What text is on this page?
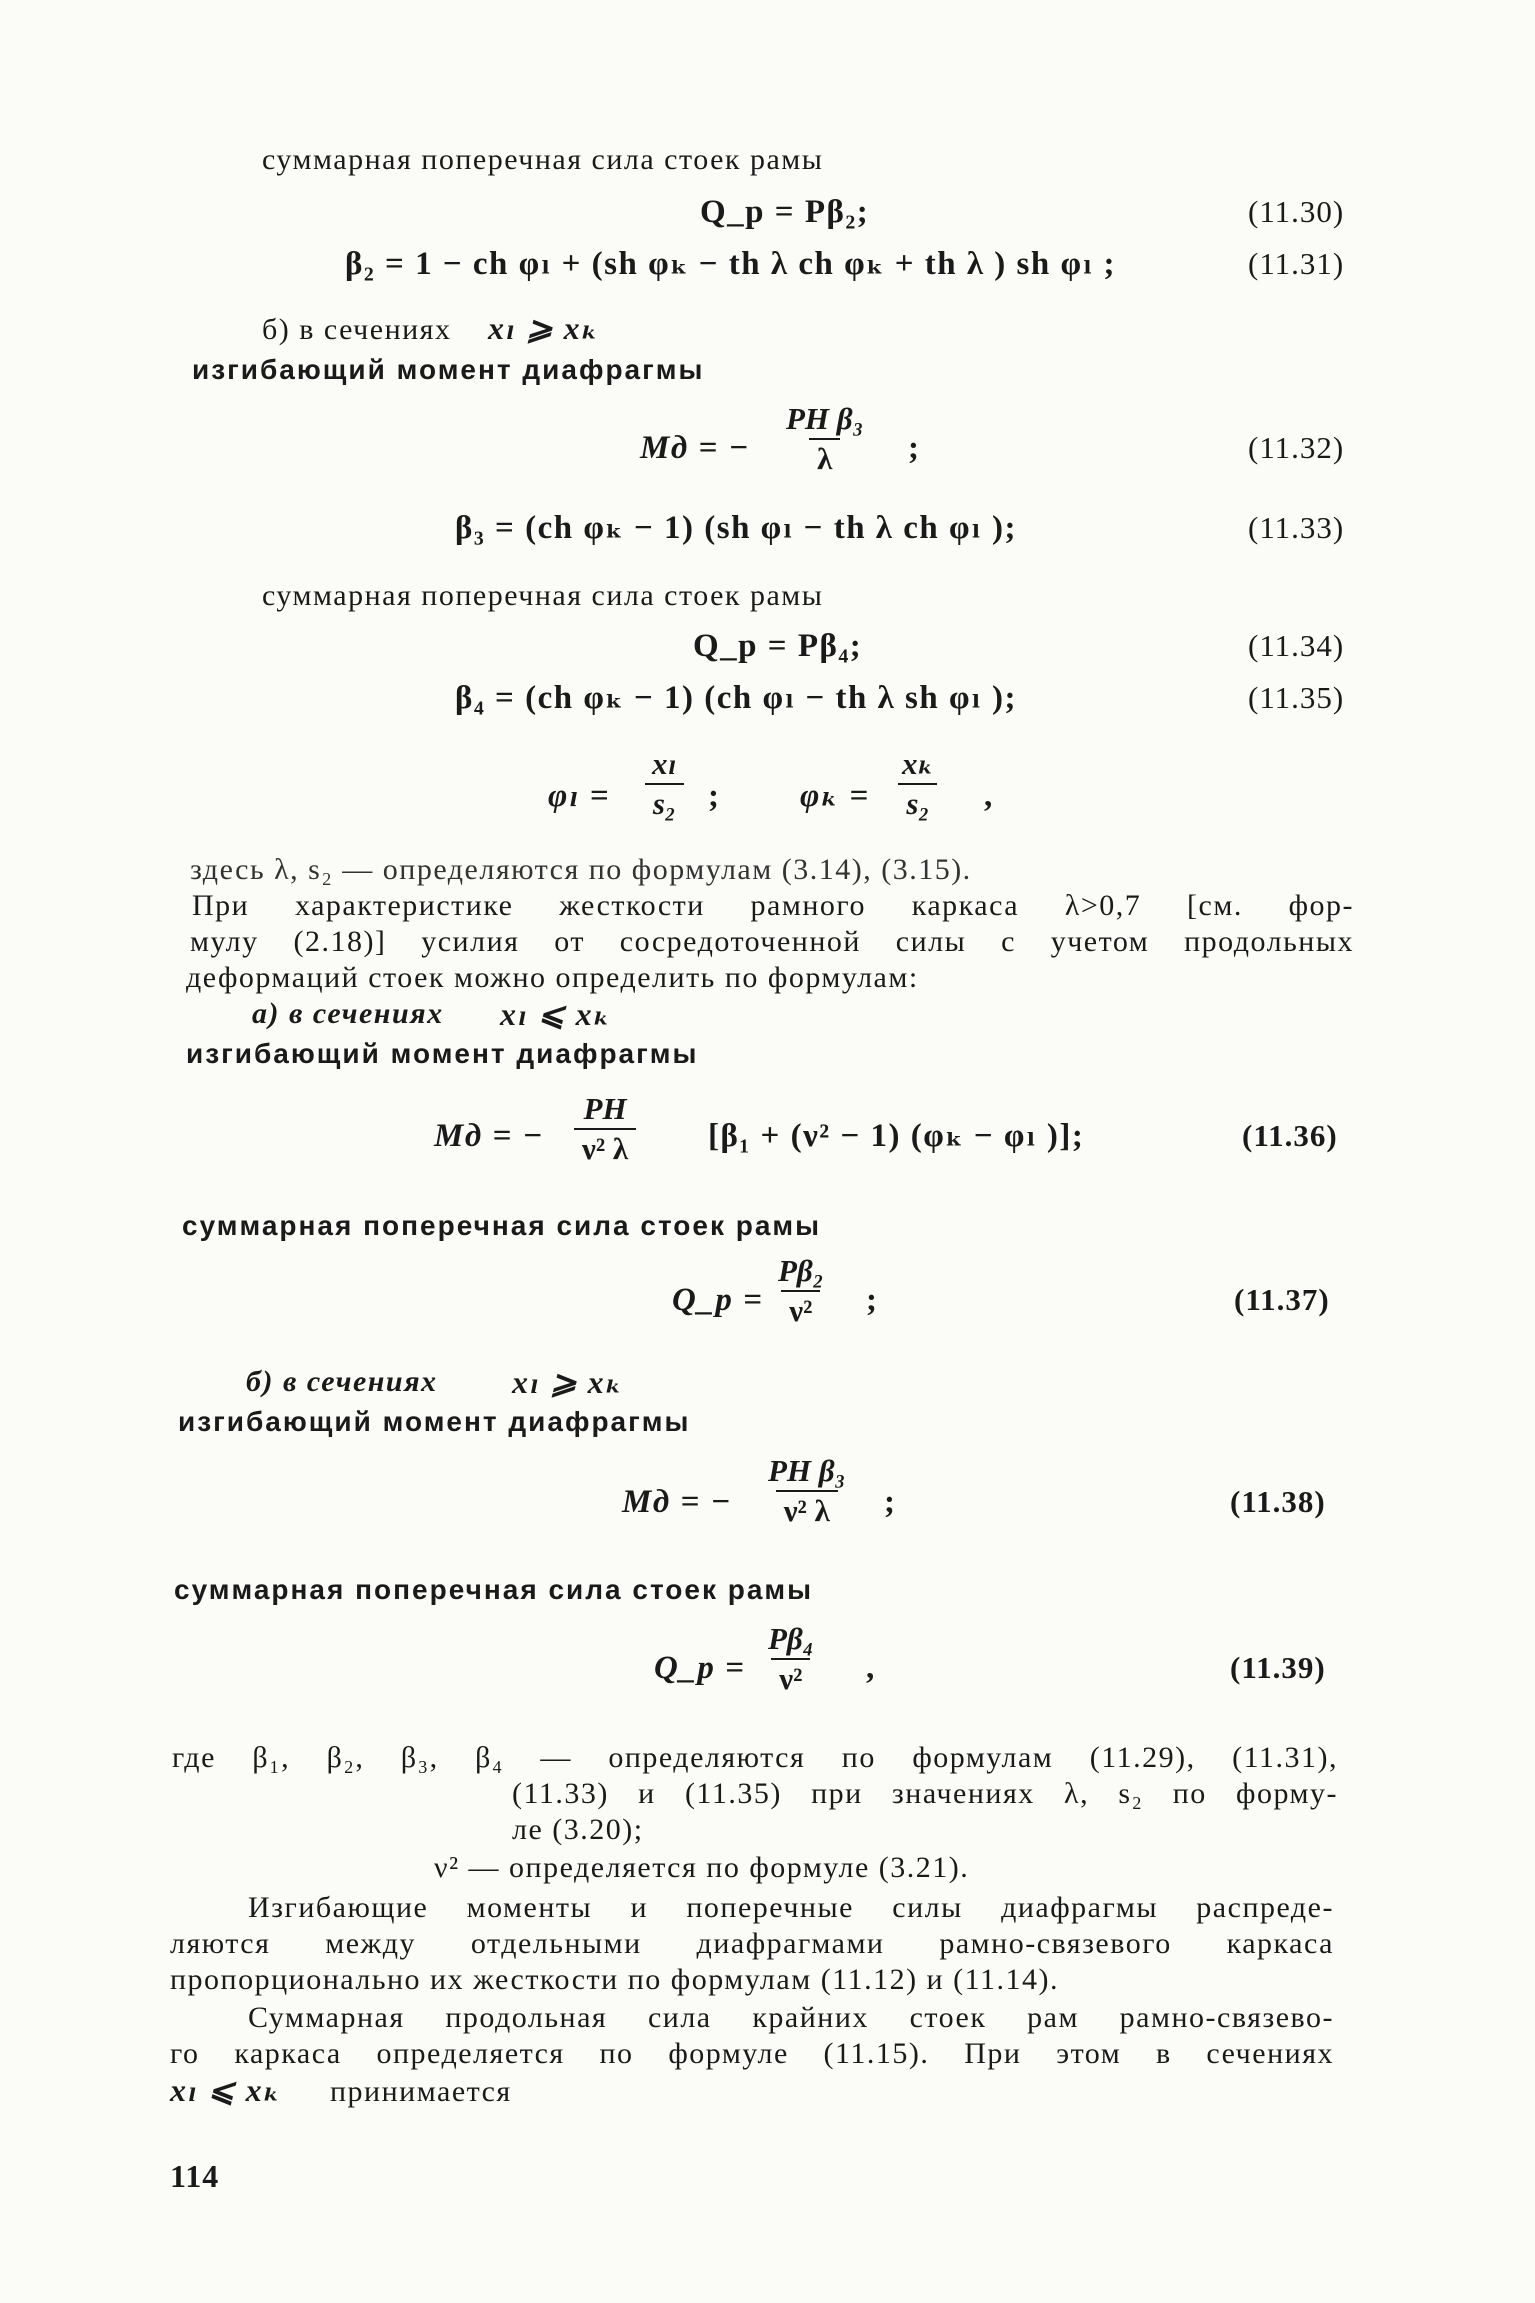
суммарная поперечная сила стоек рамы
Q_р = Pβ₂;	(11.30)
β₂ = 1 − ch φₗ + (sh φₖ − th λ ch φₖ + th λ ) sh φₗ ;	(11.31)
б) в сечениях xₗ ⩾ xₖ
изгибающий момент диафрагмы
Mд = − $\frac{\text{PH β₃}}{\lambda}$ ;	(11.32)
β₃ = (ch φₖ − 1) (sh φₗ − th λ ch φₗ );	(11.33)
суммарная поперечная сила стоек рамы
Q_р = Pβ₄;	(11.34)
β₄ = (ch φₖ − 1) (ch φₗ − th λ sh φₗ );	(11.35)
$\varphi_l = \frac{\text{xₗ}}{\text{s₂}}$ ; $\varphi_k = \frac{\text{xₖ}}{\text{s₂}}$ ,
здесь λ, s₂ — определяются по формулам (3.14), (3.15).
При характеристике жесткости рамного каркаса λ>0,7 [см. фор-
мулу (2.18)] усилия от сосредоточенной силы с учетом продольных
деформаций стоек можно определить по формулам:
а) в сечениях xₗ ⩽ xₖ
изгибающий момент диафрагмы
Mд = − $\frac{PH}{\text{ν² λ}} [\beta_1 + (\nu^2 - 1) (\varphi_k - \varphi_l$ )];	(11.36)
суммарная поперечная сила стоек рамы
Q_р = $\frac{\text{Pβ₂}}{\text{ν²}}$ ;	(11.37)
б) в сечениях xₗ ⩾ xₖ
изгибающий момент диафрагмы
Mд = − $\frac{\text{PH β₃}}{\text{ν² λ}}$ ;	(11.38)
суммарная поперечная сила стоек рамы
Q_р = $\frac{\text{Pβ₄}}{\text{ν²}}$ ,	(11.39)
где β₁, β₂, β₃, β₄ — определяются по формулам (11.29), (11.31),
(11.33) и (11.35) при значениях λ, s₂ по форму-
ле (3.20);
ν² — определяется по формуле (3.21).
Изгибающие моменты и поперечные силы диафрагмы распреде-
ляются между отдельными диафрагмами рамно-связевого каркаса
пропорционально их жесткости по формулам (11.12) и (11.14).
Суммарная продольная сила крайних стоек рам рамно-связево-
го каркаса определяется по формуле (11.15). При этом в сечениях
xₗ ⩽ xₖ принимается
114
